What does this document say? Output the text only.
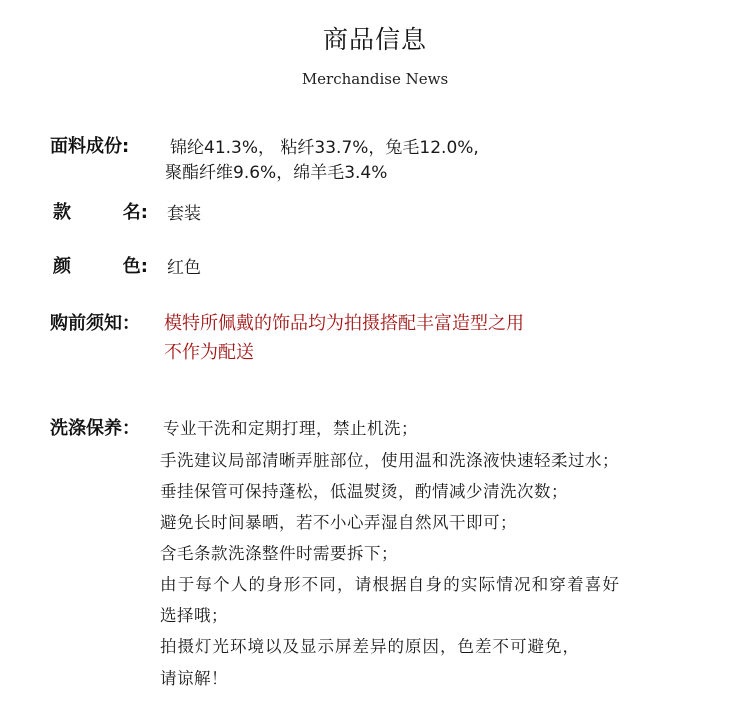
商品信息
Merchandise News
面料成份: 锦纶41.3%， 粘纤33.7%，兔毛12.0%,
聚酯纤维9.6%，绵羊毛3.4%
款	名: 套装
颜	色: 红色
购前须知： 模特所佩戴的饰品均为拍摄搭配丰富造型之用
不作为配送
洗涤保养： 专业干洗和定期打理，禁止机洗；
手洗建议局部清晰弄脏部位，使用温和洗涤液快速轻柔过水；
垂挂保管可保持蓬松，低温熨烫，酌情减少清洗次数；
避免长时间暴晒，若不小心弄湿自然风干即可；
含毛条款洗涤整件时需要拆下；
由于每个人的身形不同，请根据自身的实际情况和穿着喜好
选择哦；
拍摄灯光环境以及显示屏差异的原因，色差不可避免，
请谅解！
